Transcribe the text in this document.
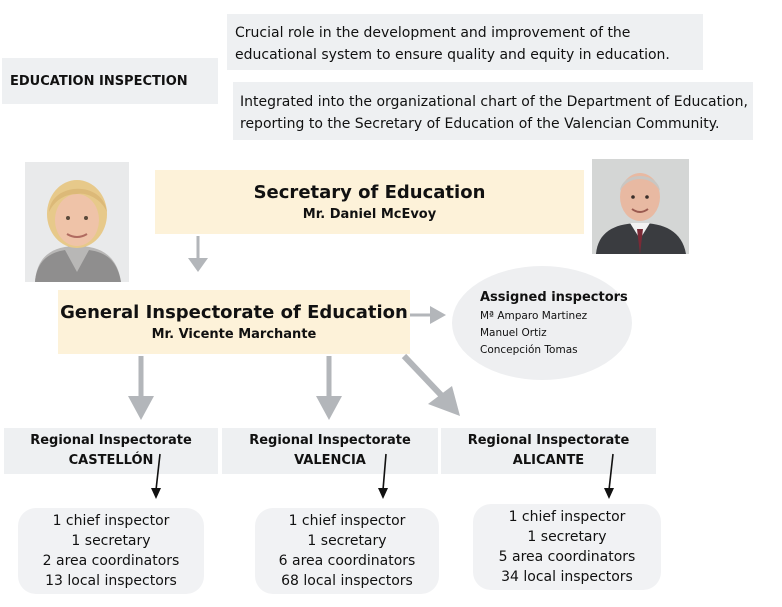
EDUCATION INSPECTION
Crucial role in the development and improvement of the educational system to ensure quality and equity in education.
Integrated into the organizational chart of the Department of Education, reporting to the Secretary of Education of the Valencian Community.
Secretary of Education
Mr. Daniel McEvoy
General Inspectorate of Education
Mr. Vicente Marchante
Assigned inspectors
Mª Amparo Martinez
Manuel Ortiz
Concepción Tomas
Regional Inspectorate
CASTELLÓN
Regional Inspectorate
VALENCIA
Regional Inspectorate
ALICANTE
1 chief inspector
1 secretary
2 area coordinators
13 local inspectors
1 chief inspector
1 secretary
6 area coordinators
68 local inspectors
1 chief inspector
1 secretary
5 area coordinators
34 local inspectors
